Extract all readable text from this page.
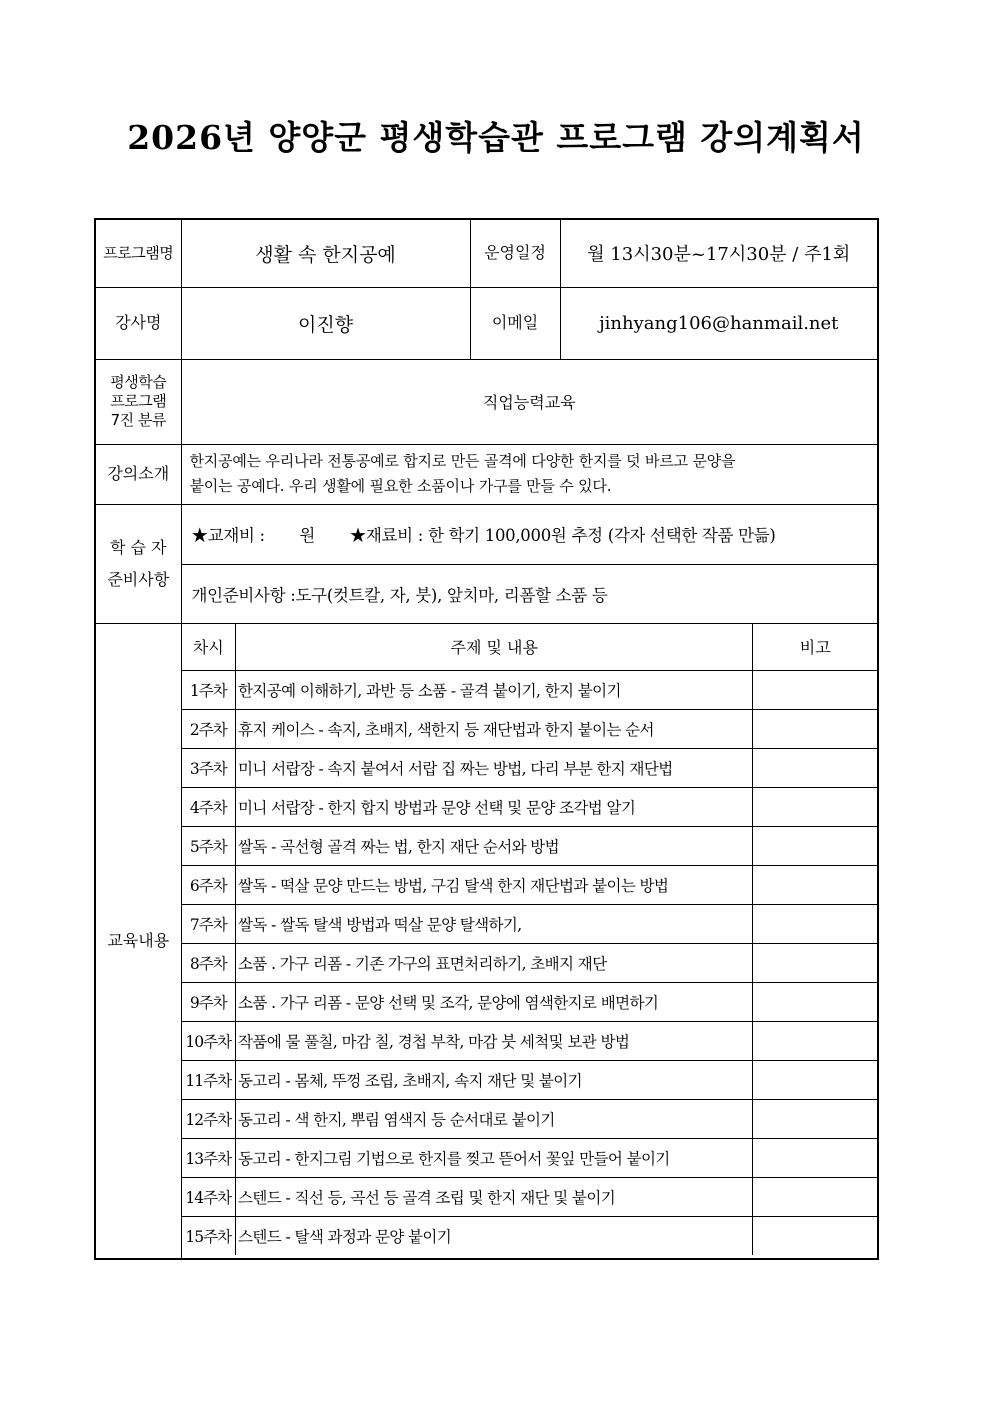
2026년 양양군 평생학습관 프로그램 강의계획서
프로그램명	생활 속 한지공예	운영일정	월 13시30분~17시30분 / 주1회
강사명	이진향	이메일	jinhyang106@hanmail.net

평생학습
프로그램
7진 분류
	직업능력교육
강의소개	
한지공예는 우리나라 전통공예로 합지로 만든 골격에 다양한 한지를 덧 바르고 문양을
붙이는 공예다. 우리 생활에 필요한 소품이나 가구를 만들 수 있다.

학 습 자
준비사항
	★교재비 :       원       ★재료비 : 한 학기 100,000원 추정 (각자 선택한 작품 만듦)
개인준비사항 :도구(컷트칼, 자, 붓), 앞치마, 리폼할 소품 등
교육내용	
차시	주제 및 내용	비고
1주차	한지공예 이해하기, 과반 등 소품 - 골격 붙이기, 한지 붙이기	
2주차	휴지 케이스 - 속지, 초배지, 색한지 등 재단법과 한지 붙이는 순서	
3주차	미니 서랍장 - 속지 붙여서 서랍 집 짜는 방법, 다리 부분 한지 재단법	
4주차	미니 서랍장 - 한지 합지 방법과 문양 선택 및 문양 조각법 알기	
5주차	쌀독 - 곡선형 골격 짜는 법, 한지 재단 순서와 방법	
6주차	쌀독 - 떡살 문양 만드는 방법, 구김 탈색 한지 재단법과 붙이는 방법	
7주차	쌀독 - 쌀독 탈색 방법과 떡살 문양 탈색하기,	
8주차	소품 . 가구 리폼 - 기존 가구의 표면처리하기, 초배지 재단	
9주차	소품 . 가구 리폼 - 문양 선택 및 조각, 문양에 염색한지로 배면하기	
10주차	작품에 물 풀칠, 마감 칠, 경첩 부착, 마감 붓 세척및 보관 방법	
11주차	동고리 - 몸체, 뚜껑 조립, 초배지, 속지 재단 및 붙이기	
12주차	동고리 - 색 한지, 뿌림 염색지 등 순서대로 붙이기	
13주차	동고리 - 한지그림 기법으로 한지를 찢고 뜯어서 꽃잎 만들어 붙이기	
14주차	스텐드 - 직선 등, 곡선 등 골격 조립 및 한지 재단 및 붙이기	
15주차	스텐드 - 탈색 과정과 문양 붙이기	
